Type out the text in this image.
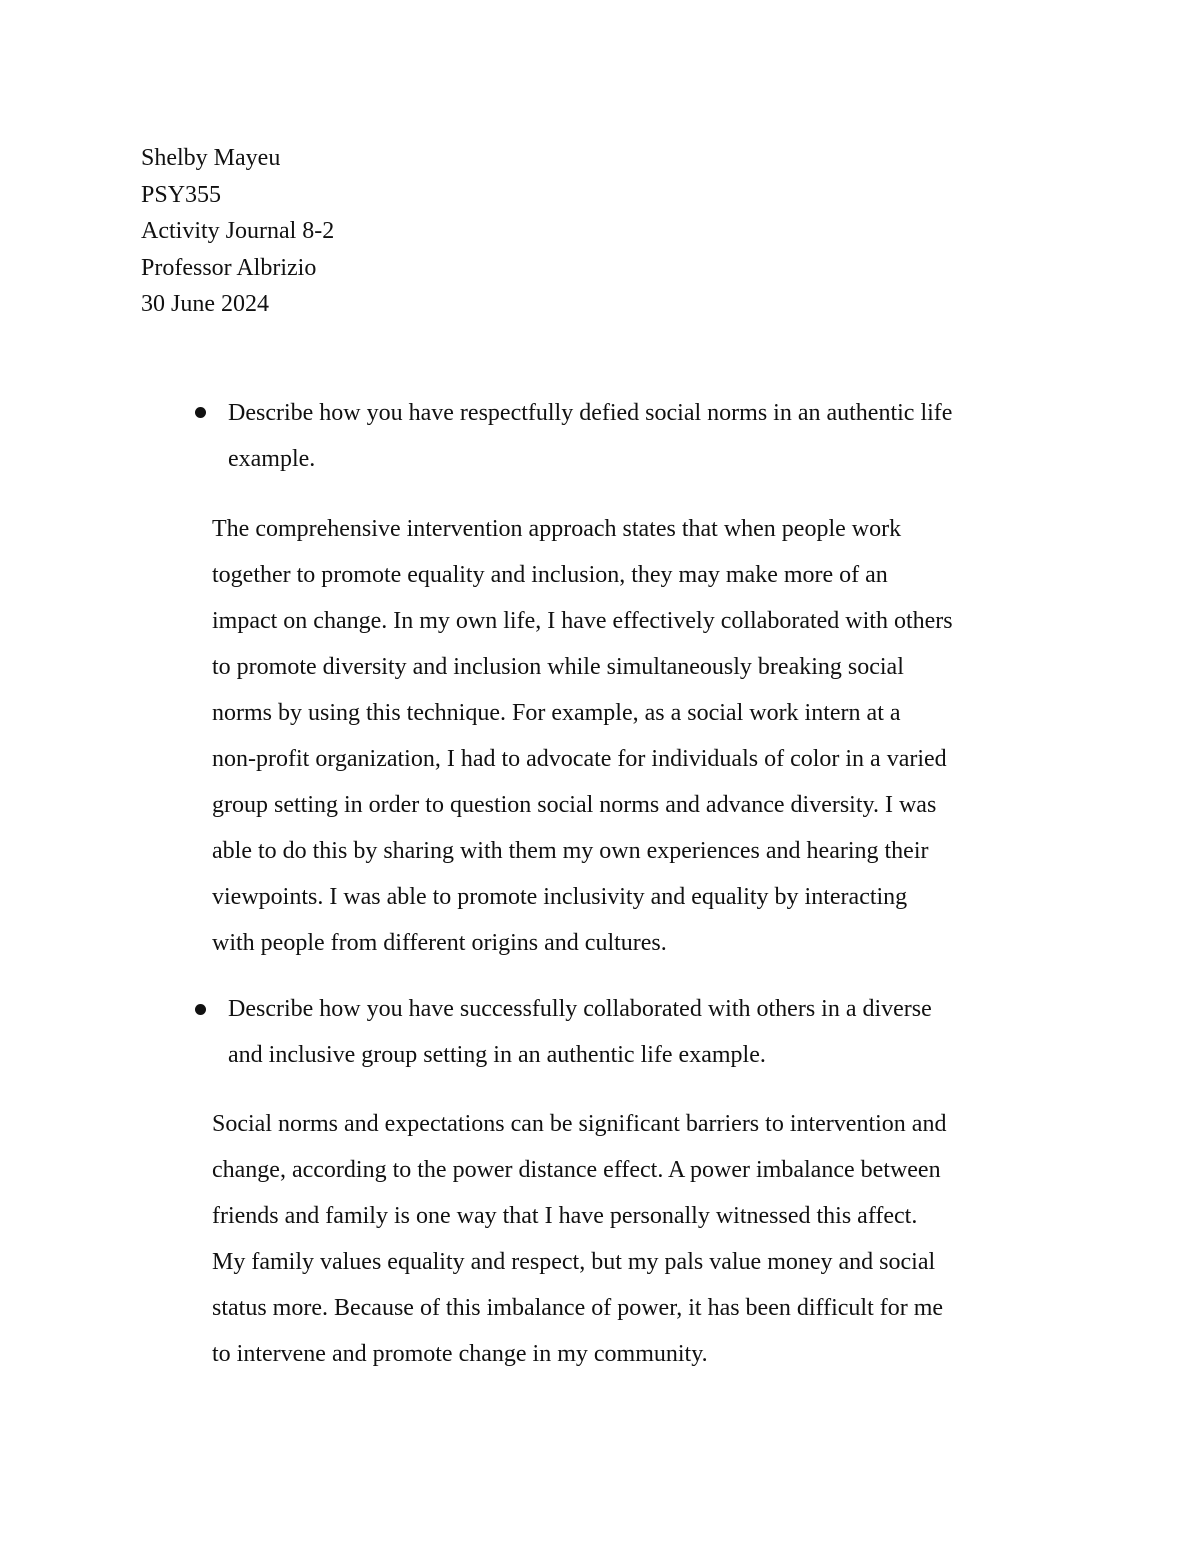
Shelby Mayeu
PSY355
Activity Journal 8-2
Professor Albrizio
30 June 2024
Describe how you have respectfully defied social norms in an authentic life
example.
The comprehensive intervention approach states that when people work
together to promote equality and inclusion, they may make more of an
impact on change. In my own life, I have effectively collaborated with others
to promote diversity and inclusion while simultaneously breaking social
norms by using this technique. For example, as a social work intern at a
non-profit organization, I had to advocate for individuals of color in a varied
group setting in order to question social norms and advance diversity. I was
able to do this by sharing with them my own experiences and hearing their
viewpoints. I was able to promote inclusivity and equality by interacting
with people from different origins and cultures.
Describe how you have successfully collaborated with others in a diverse
and inclusive group setting in an authentic life example.
Social norms and expectations can be significant barriers to intervention and
change, according to the power distance effect. A power imbalance between
friends and family is one way that I have personally witnessed this affect.
My family values equality and respect, but my pals value money and social
status more. Because of this imbalance of power, it has been difficult for me
to intervene and promote change in my community.
